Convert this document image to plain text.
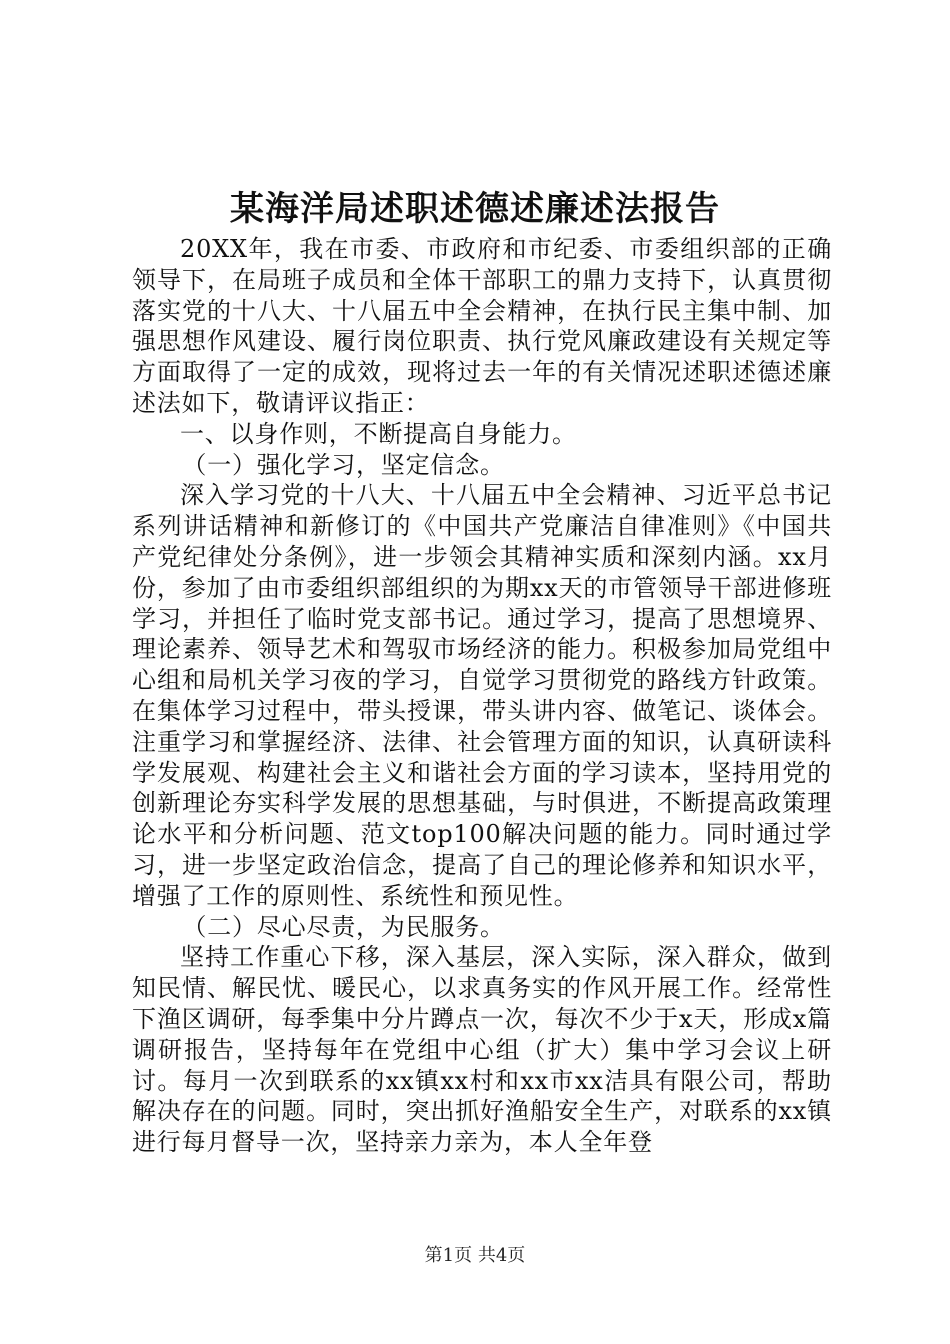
某海洋局述职述德述廉述法报告

20XX年，我在市委、市政府和市纪委、市委组织部的正确领导下，在局班子成员和全体干部职工的鼎力支持下，认真贯彻落实党的十八大、十八届五中全会精神，在执行民主集中制、加强思想作风建设、履行岗位职责、执行党风廉政建设有关规定等方面取得了一定的成效，现将过去一年的有关情况述职述德述廉述法如下，敬请评议指正：

一、以身作则，不断提高自身能力。

（一）强化学习，坚定信念。

深入学习党的十八大、十八届五中全会精神、习近平总书记系列讲话精神和新修订的《中国共产党廉洁自律准则》《中国共产党纪律处分条例》，进一步领会其精神实质和深刻内涵。xx月份，参加了由市委组织部组织的为期xx天的市管领导干部进修班学习，并担任了临时党支部书记。通过学习，提高了思想境界、理论素养、领导艺术和驾驭市场经济的能力。积极参加局党组中心组和局机关学习夜的学习，自觉学习贯彻党的路线方针政策。在集体学习过程中，带头授课，带头讲内容、做笔记、谈体会。注重学习和掌握经济、法律、社会管理方面的知识，认真研读科学发展观、构建社会主义和谐社会方面的学习读本，坚持用党的创新理论夯实科学发展的思想基础，与时俱进，不断提高政策理论水平和分析问题、范文top100解决问题的能力。同时通过学习，进一步坚定政治信念，提高了自己的理论修养和知识水平，增强了工作的原则性、系统性和预见性。

（二）尽心尽责，为民服务。

坚持工作重心下移，深入基层，深入实际，深入群众，做到知民情、解民忧、暖民心，以求真务实的作风开展工作。经常性下渔区调研，每季集中分片蹲点一次，每次不少于x天，形成x篇调研报告，坚持每年在党组中心组（扩大）集中学习会议上研讨。每月一次到联系的xx镇xx村和xx市xx洁具有限公司，帮助解决存在的问题。同时，突出抓好渔船安全生产，对联系的xx镇进行每月督导一次，坚持亲力亲为，本人全年登

第1页 共4页
